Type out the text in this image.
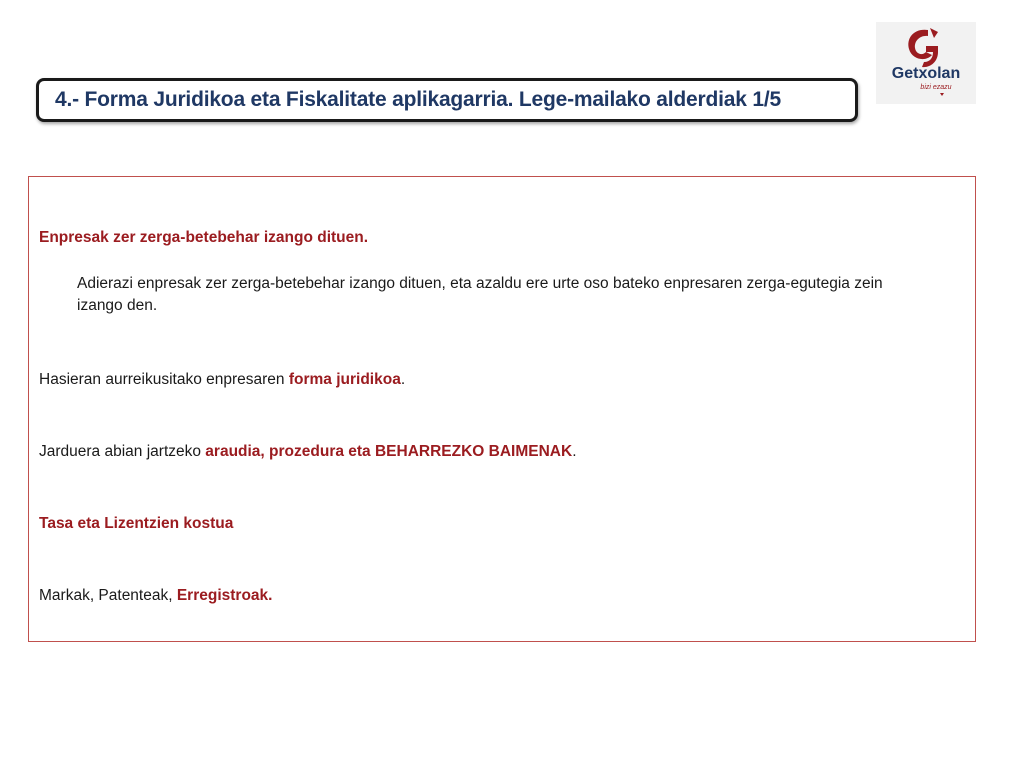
Getxolan
bizi ezazu
4.- Forma Juridikoa eta Fiskalitate aplikagarria. Lege-mailako alderdiak 1/5
Enpresak zer zerga-betebehar izango dituen.
Adierazi enpresak zer zerga-betebehar izango dituen, eta azaldu ere urte oso bateko enpresaren zerga-egutegia zein izango den.
Hasieran aurreikusitako enpresaren forma juridikoa.
Jarduera abian jartzeko araudia, prozedura eta BEHARREZKO BAIMENAK.
Tasa eta Lizentzien kostua
Markak, Patenteak, Erregistroak.
